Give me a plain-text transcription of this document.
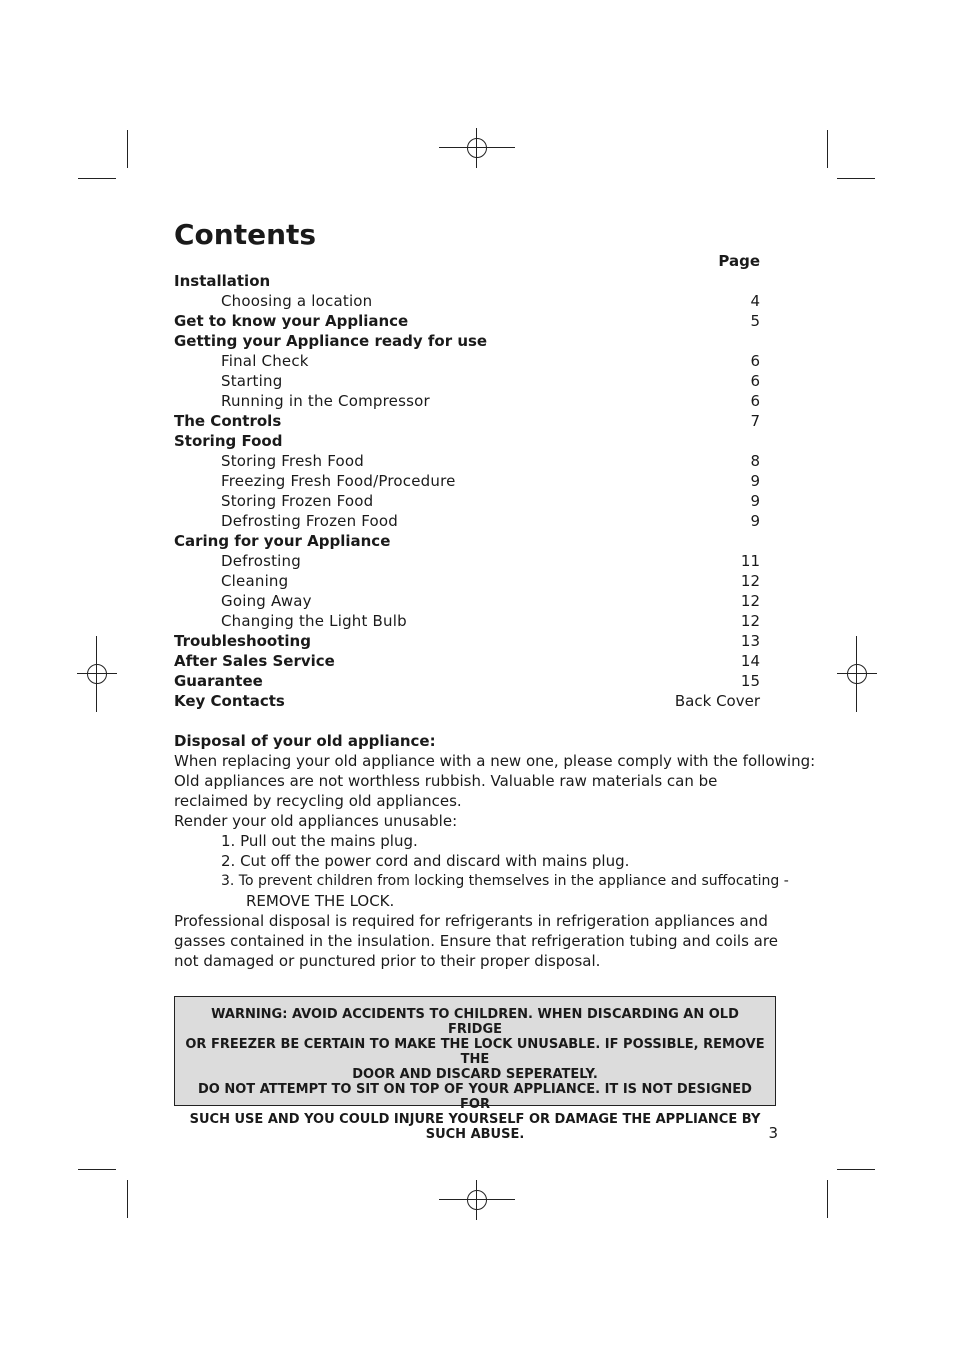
Contents
Page
Installation
Choosing a location	4
Get to know your Appliance	5
Getting your Appliance ready for use
Final Check	6
Starting	6
Running in the Compressor	6
The Controls	7
Storing Food
Storing Fresh Food	8
Freezing Fresh Food/Procedure	9
Storing Frozen Food	9
Defrosting Frozen Food	9
Caring for your Appliance
Defrosting	11
Cleaning	12
Going Away	12
Changing the Light Bulb	12
Troubleshooting	13
After Sales Service	14
Guarantee	15
Key Contacts	Back Cover
Disposal of your old appliance:
When replacing your old appliance with a new one, please comply with the following:
Old appliances are not worthless rubbish. Valuable raw materials can be
reclaimed by recycling old appliances.
Render your old appliances unusable:
1. Pull out the mains plug.
2. Cut off the power cord and discard with mains plug.
3. To prevent children from locking themselves in the appliance and suffocating -
REMOVE THE LOCK.
Professional disposal is required for refrigerants in refrigeration appliances and
gasses contained in the insulation. Ensure that refrigeration tubing and coils are
not damaged or punctured prior to their proper disposal.
WARNING: AVOID ACCIDENTS TO CHILDREN. WHEN DISCARDING AN OLD FRIDGE
OR FREEZER BE CERTAIN TO MAKE THE LOCK UNUSABLE. IF POSSIBLE, REMOVE THE
DOOR AND DISCARD SEPERATELY.
DO NOT ATTEMPT TO SIT ON TOP OF YOUR APPLIANCE. IT IS NOT DESIGNED FOR
SUCH USE AND YOU COULD INJURE YOURSELF OR DAMAGE THE APPLIANCE BY
SUCH ABUSE.	3
